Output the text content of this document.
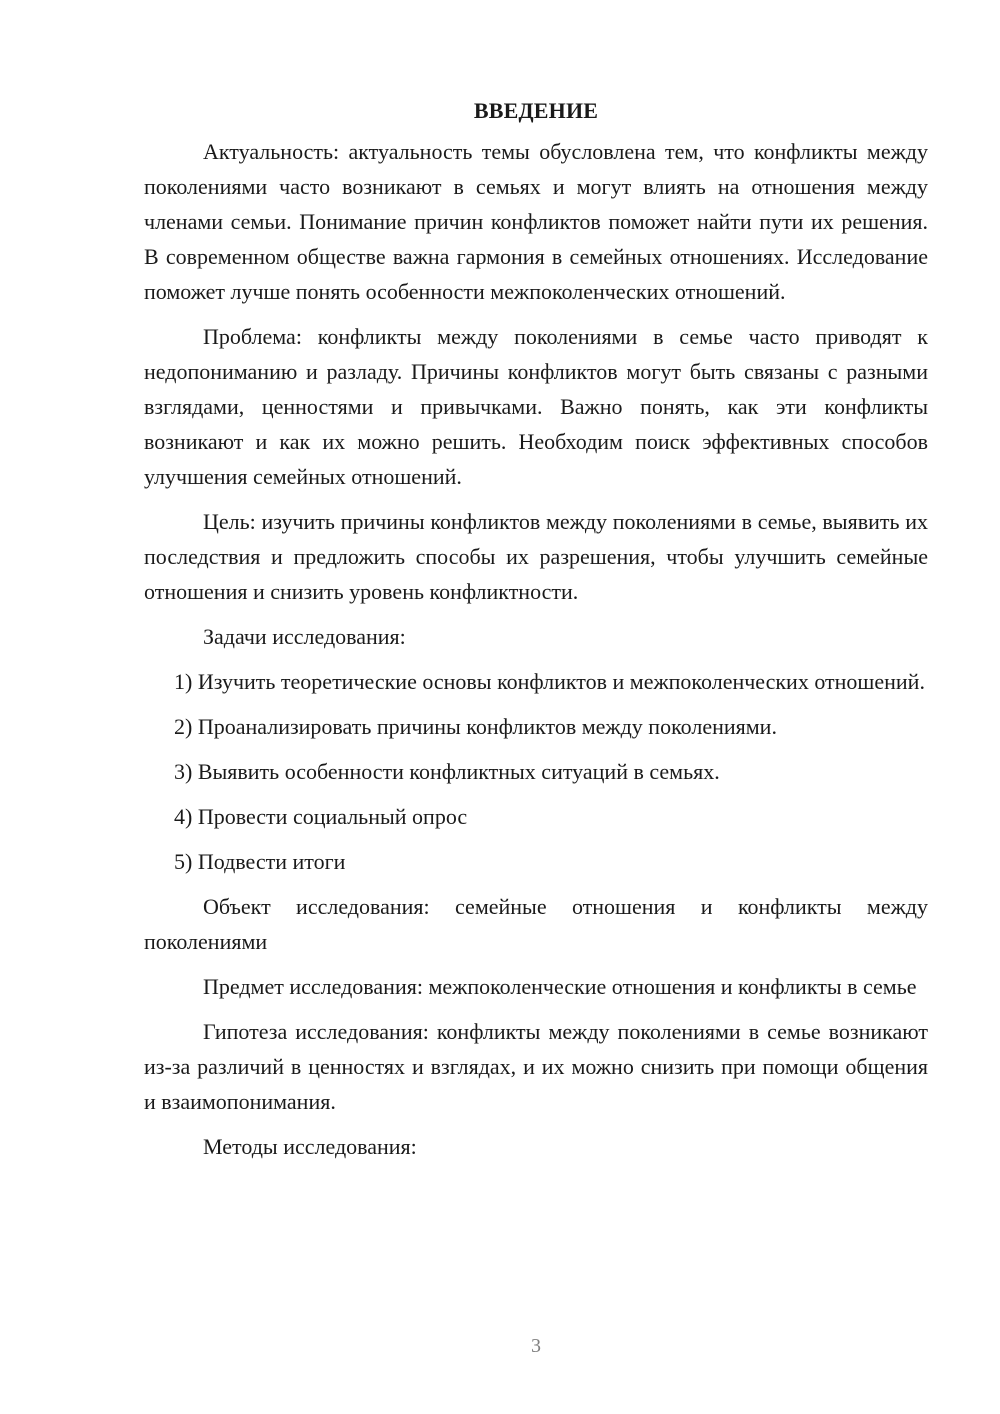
ВВЕДЕНИЕ

Актуальность: актуальность темы обусловлена тем, что конфликты между поколениями часто возникают в семьях и могут влиять на отношения между членами семьи. Понимание причин конфликтов поможет найти пути их решения. В современном обществе важна гармония в семейных отношениях. Исследование поможет лучше понять особенности межпоколенческих отношений.

Проблема: конфликты между поколениями в семье часто приводят к недопониманию и разладу. Причины конфликтов могут быть связаны с разными взглядами, ценностями и привычками. Важно понять, как эти конфликты возникают и как их можно решить. Необходим поиск эффективных способов улучшения семейных отношений.

Цель: изучить причины конфликтов между поколениями в семье, выявить их последствия и предложить способы их разрешения, чтобы улучшить семейные отношения и снизить уровень конфликтности.

Задачи исследования:

1) Изучить теоретические основы конфликтов и межпоколенческих отношений.

2) Проанализировать причины конфликтов между поколениями.

3) Выявить особенности конфликтных ситуаций в семьях.

4) Провести социальный опрос

5) Подвести итоги

Объект исследования: семейные отношения и конфликты между поколениями

Предмет исследования: межпоколенческие отношения и конфликты в семье

Гипотеза исследования: конфликты между поколениями в семье возникают из-за различий в ценностях и взглядах, и их можно снизить при помощи общения и взаимопонимания.

Методы исследования:

3
